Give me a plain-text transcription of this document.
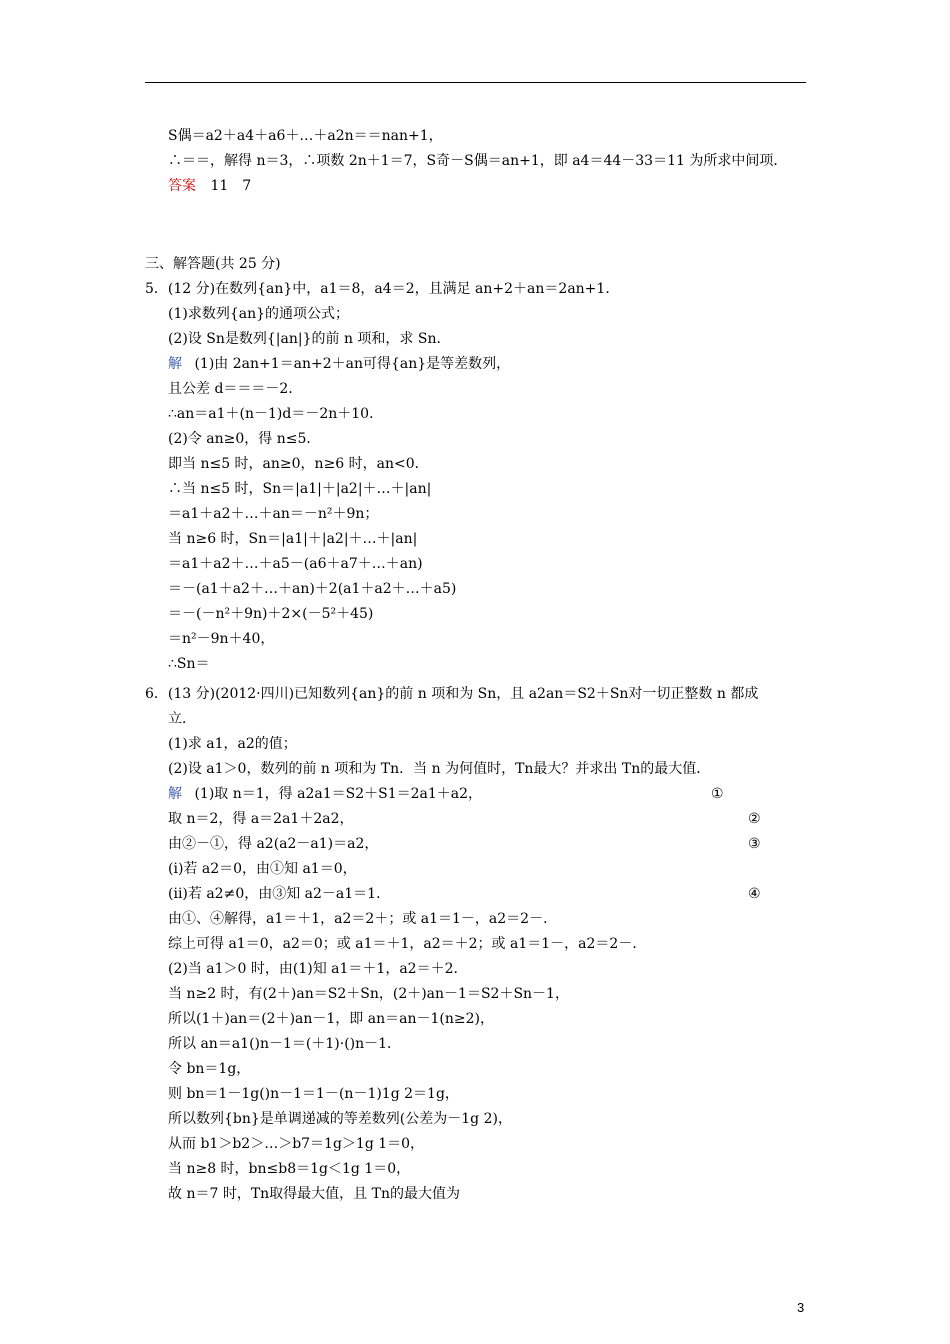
S偶＝a2＋a4＋a6＋…＋a2n＝＝nan+1，
∴＝＝，解得 n＝3，∴项数 2n＋1＝7，S奇－S偶＝an+1，即 a4＝44－33＝11 为所求中间项．
答案 11　7
三、解答题(共 25 分)
5．(12 分)在数列{an}中，a1＝8，a4＝2，且满足 an+2＋an＝2an+1．
(1)求数列{an}的通项公式；
(2)设 Sn是数列{|an|}的前 n 项和，求 Sn．
解 (1)由 2an+1＝an+2＋an可得{an}是等差数列，
且公差 d＝＝＝－2．
∴an＝a1＋(n－1)d＝－2n＋10．
(2)令 an≥0，得 n≤5．
即当 n≤5 时，an≥0，n≥6 时，an<0．
∴当 n≤5 时，Sn＝|a1|＋|a2|＋…＋|an|
＝a1＋a2＋…＋an＝－n²＋9n；
当 n≥6 时，Sn＝|a1|＋|a2|＋…＋|an|
＝a1＋a2＋…＋a5－(a6＋a7＋…＋an)
＝－(a1＋a2＋…＋an)＋2(a1＋a2＋…＋a5)
＝－(－n²＋9n)＋2×(－5²＋45)
＝n²－9n＋40，
∴Sn＝
6．(13 分)(2012·四川)已知数列{an}的前 n 项和为 Sn，且 a2an＝S2＋Sn对一切正整数 n 都成
立．
(1)求 a1，a2的值；
(2)设 a1＞0，数列的前 n 项和为 Tn．当 n 为何值时，Tn最大？并求出 Tn的最大值．
解 (1)取 n＝1，得 a2a1＝S2＋S1＝2a1＋a2，	①
取 n＝2，得 a＝2a1＋2a2，	②
由②－①，得 a2(a2－a1)＝a2，	③
(i)若 a2＝0，由①知 a1＝0，
(ii)若 a2≠0，由③知 a2－a1＝1．	④
由①、④解得，a1＝＋1，a2＝2＋；或 a1＝1－，a2＝2－．
综上可得 a1＝0，a2＝0；或 a1＝＋1，a2＝＋2；或 a1＝1－，a2＝2－．
(2)当 a1＞0 时，由(1)知 a1＝＋1，a2＝＋2．
当 n≥2 时，有(2＋)an＝S2＋Sn，(2＋)an－1＝S2＋Sn－1，
所以(1＋)an＝(2＋)an－1，即 an＝an－1(n≥2)，
所以 an＝a1()n－1＝(＋1)·()n－1．
令 bn＝1g，
则 bn＝1－1g()n－1＝1－(n－1)1g 2＝1g，
所以数列{bn}是单调递减的等差数列(公差为－1g 2)，
从而 b1＞b2＞…＞b7＝1g＞1g 1＝0，
当 n≥8 时，bn≤b8＝1g＜1g 1＝0，
故 n＝7 时，Tn取得最大值，且 Tn的最大值为
3
